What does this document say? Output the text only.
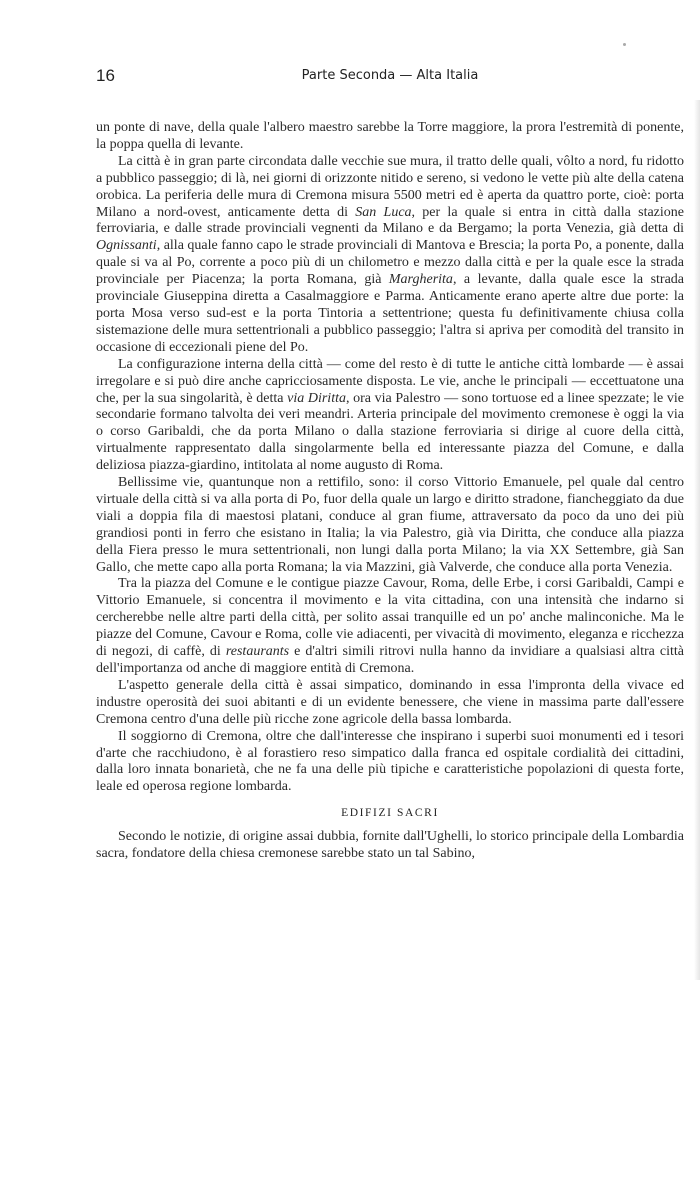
16	Parte Seconda — Alta Italia

un ponte di nave, della quale l'albero maestro sarebbe la Torre maggiore, la prora l'estremità di ponente, la poppa quella di levante.

La città è in gran parte circondata dalle vecchie sue mura, il tratto delle quali, vôlto a nord, fu ridotto a pubblico passeggio; di là, nei giorni di orizzonte nitido e sereno, si vedono le vette più alte della catena orobica. La periferia delle mura di Cremona misura 5500 metri ed è aperta da quattro porte, cioè: porta Milano a nord-ovest, anticamente detta di San Luca, per la quale si entra in città dalla stazione ferroviaria, e dalle strade provinciali vegnenti da Milano e da Bergamo; la porta Venezia, già detta di Ognissanti, alla quale fanno capo le strade provinciali di Mantova e Brescia; la porta Po, a ponente, dalla quale si va al Po, corrente a poco più di un chilometro e mezzo dalla città e per la quale esce la strada provinciale per Piacenza; la porta Romana, già Margherita, a levante, dalla quale esce la strada provinciale Giuseppina diretta a Casalmaggiore e Parma. Anticamente erano aperte altre due porte: la porta Mosa verso sud-est e la porta Tintoria a settentrione; questa fu definitivamente chiusa colla sistemazione delle mura settentrionali a pubblico passeggio; l'altra si apriva per comodità del transito in occasione di eccezionali piene del Po.

La configurazione interna della città — come del resto è di tutte le antiche città lombarde — è assai irregolare e si può dire anche capricciosamente disposta. Le vie, anche le principali — eccettuatone una che, per la sua singolarità, è detta via Diritta, ora via Palestro — sono tortuose ed a linee spezzate; le vie secondarie formano talvolta dei veri meandri. Arteria principale del movimento cremonese è oggi la via o corso Garibaldi, che da porta Milano o dalla stazione ferroviaria si dirige al cuore della città, virtualmente rappresentato dalla singolarmente bella ed interessante piazza del Comune, e dalla deliziosa piazza-giardino, intitolata al nome augusto di Roma.

Bellissime vie, quantunque non a rettifilo, sono: il corso Vittorio Emanuele, pel quale dal centro virtuale della città si va alla porta di Po, fuor della quale un largo e diritto stradone, fiancheggiato da due viali a doppia fila di maestosi platani, conduce al gran fiume, attraversato da poco da uno dei più grandiosi ponti in ferro che esistano in Italia; la via Palestro, già via Diritta, che conduce alla piazza della Fiera presso le mura settentrionali, non lungi dalla porta Milano; la via XX Settembre, già San Gallo, che mette capo alla porta Romana; la via Mazzini, già Valverde, che conduce alla porta Venezia.

Tra la piazza del Comune e le contigue piazze Cavour, Roma, delle Erbe, i corsi Garibaldi, Campi e Vittorio Emanuele, si concentra il movimento e la vita cittadina, con una intensità che indarno si cercherebbe nelle altre parti della città, per solito assai tranquille ed un po' anche malinconiche. Ma le piazze del Comune, Cavour e Roma, colle vie adiacenti, per vivacità di movimento, eleganza e ricchezza di negozi, di caffè, di restaurants e d'altri simili ritrovi nulla hanno da invidiare a qualsiasi altra città dell'importanza od anche di maggiore entità di Cremona.

L'aspetto generale della città è assai simpatico, dominando in essa l'impronta della vivace ed industre operosità dei suoi abitanti e di un evidente benessere, che viene in massima parte dall'essere Cremona centro d'una delle più ricche zone agricole della bassa lombarda.

Il soggiorno di Cremona, oltre che dall'interesse che inspirano i superbi suoi monumenti ed i tesori d'arte che racchiudono, è al forastiero reso simpatico dalla franca ed ospitale cordialità dei cittadini, dalla loro innata bonarietà, che ne fa una delle più tipiche e caratteristiche popolazioni di questa forte, leale ed operosa regione lombarda.

EDIFIZI SACRI

Secondo le notizie, di origine assai dubbia, fornite dall'Ughelli, lo storico principale della Lombardia sacra, fondatore della chiesa cremonese sarebbe stato un tal Sabino,
